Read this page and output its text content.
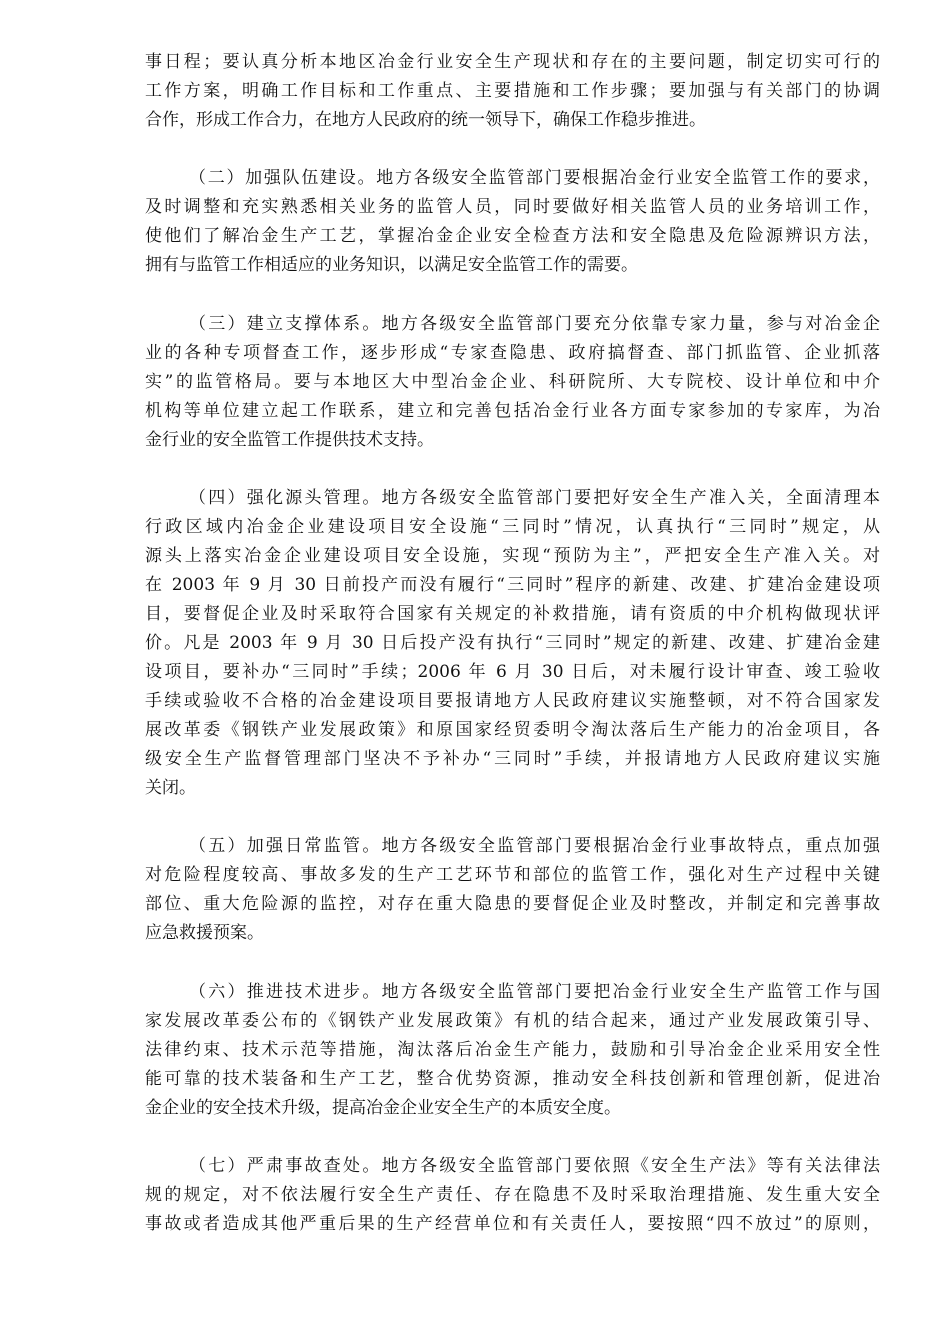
事日程；要认真分析本地区冶金行业安全生产现状和存在的主要问题，制定切实可行的
工作方案，明确工作目标和工作重点、主要措施和工作步骤；要加强与有关部门的协调
合作，形成工作合力，在地方人民政府的统一领导下，确保工作稳步推进。
（二）加强队伍建设。地方各级安全监管部门要根据冶金行业安全监管工作的要求，
及时调整和充实熟悉相关业务的监管人员，同时要做好相关监管人员的业务培训工作，
使他们了解冶金生产工艺，掌握冶金企业安全检查方法和安全隐患及危险源辨识方法，
拥有与监管工作相适应的业务知识，以满足安全监管工作的需要。
（三）建立支撑体系。地方各级安全监管部门要充分依靠专家力量，参与对冶金企
业的各种专项督查工作，逐步形成“专家查隐患、政府搞督查、部门抓监管、企业抓落
实”的监管格局。要与本地区大中型冶金企业、科研院所、大专院校、设计单位和中介
机构等单位建立起工作联系，建立和完善包括冶金行业各方面专家参加的专家库，为冶
金行业的安全监管工作提供技术支持。
（四）强化源头管理。地方各级安全监管部门要把好安全生产准入关，全面清理本
行政区域内冶金企业建设项目安全设施“三同时”情况，认真执行“三同时”规定，从
源头上落实冶金企业建设项目安全设施，实现“预防为主”，严把安全生产准入关。对
在 2003 年 9 月 30 日前投产而没有履行“三同时”程序的新建、改建、扩建冶金建设项
目，要督促企业及时采取符合国家有关规定的补救措施，请有资质的中介机构做现状评
价。凡是 2003 年 9 月 30 日后投产没有执行“三同时”规定的新建、改建、扩建冶金建
设项目，要补办“三同时”手续；2006 年 6 月 30 日后，对未履行设计审查、竣工验收
手续或验收不合格的冶金建设项目要报请地方人民政府建议实施整顿，对不符合国家发
展改革委《钢铁产业发展政策》和原国家经贸委明令淘汰落后生产能力的冶金项目，各
级安全生产监督管理部门坚决不予补办“三同时”手续，并报请地方人民政府建议实施
关闭。
（五）加强日常监管。地方各级安全监管部门要根据冶金行业事故特点，重点加强
对危险程度较高、事故多发的生产工艺环节和部位的监管工作，强化对生产过程中关键
部位、重大危险源的监控，对存在重大隐患的要督促企业及时整改，并制定和完善事故
应急救援预案。
（六）推进技术进步。地方各级安全监管部门要把冶金行业安全生产监管工作与国
家发展改革委公布的《钢铁产业发展政策》有机的结合起来，通过产业发展政策引导、
法律约束、技术示范等措施，淘汰落后冶金生产能力，鼓励和引导冶金企业采用安全性
能可靠的技术装备和生产工艺，整合优势资源，推动安全科技创新和管理创新，促进冶
金企业的安全技术升级，提高冶金企业安全生产的本质安全度。
（七）严肃事故查处。地方各级安全监管部门要依照《安全生产法》等有关法律法
规的规定，对不依法履行安全生产责任、存在隐患不及时采取治理措施、发生重大安全
事故或者造成其他严重后果的生产经营单位和有关责任人，要按照“四不放过”的原则，
